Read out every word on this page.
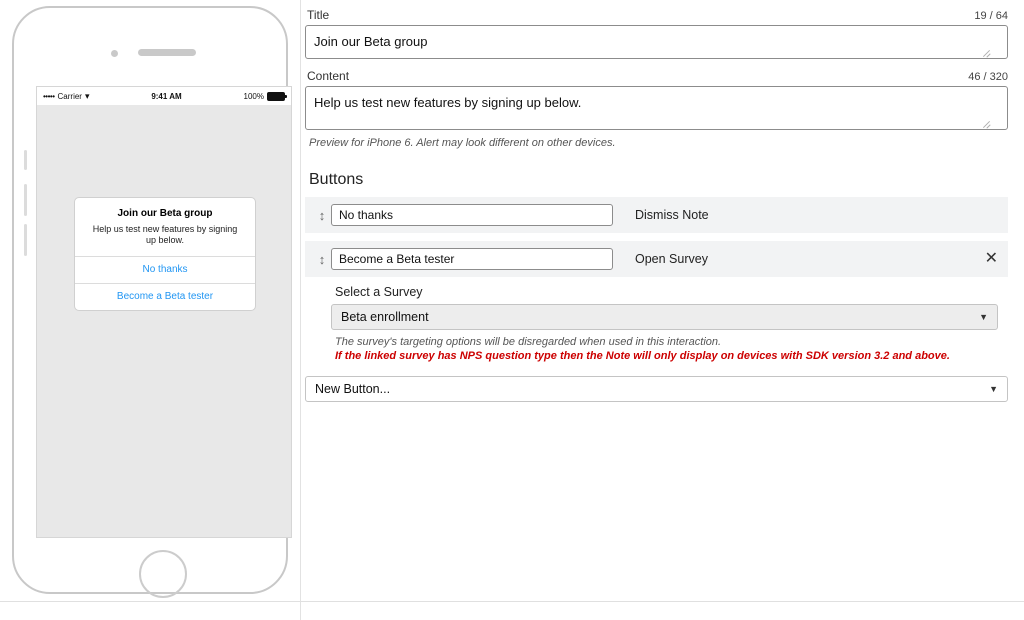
••••• Carrier ▾	9:41 AM	100%
Join our Beta group
Help us test new features by signing up below.
No thanks
Become a Beta tester
Title	19 / 64
Join our Beta group
Content	46 / 320
Help us test new features by signing up below.
Preview for iPhone 6. Alert may look different on other devices.
Buttons
↕
No thanks	Dismiss Note
↕
Become a Beta tester	Open Survey	✕
Select a Survey
Beta enrollment	▼
The survey's targeting options will be disregarded when used in this interaction.
If the linked survey has NPS question type then the Note will only display on devices with SDK version 3.2 and above.
New Button...	▼
